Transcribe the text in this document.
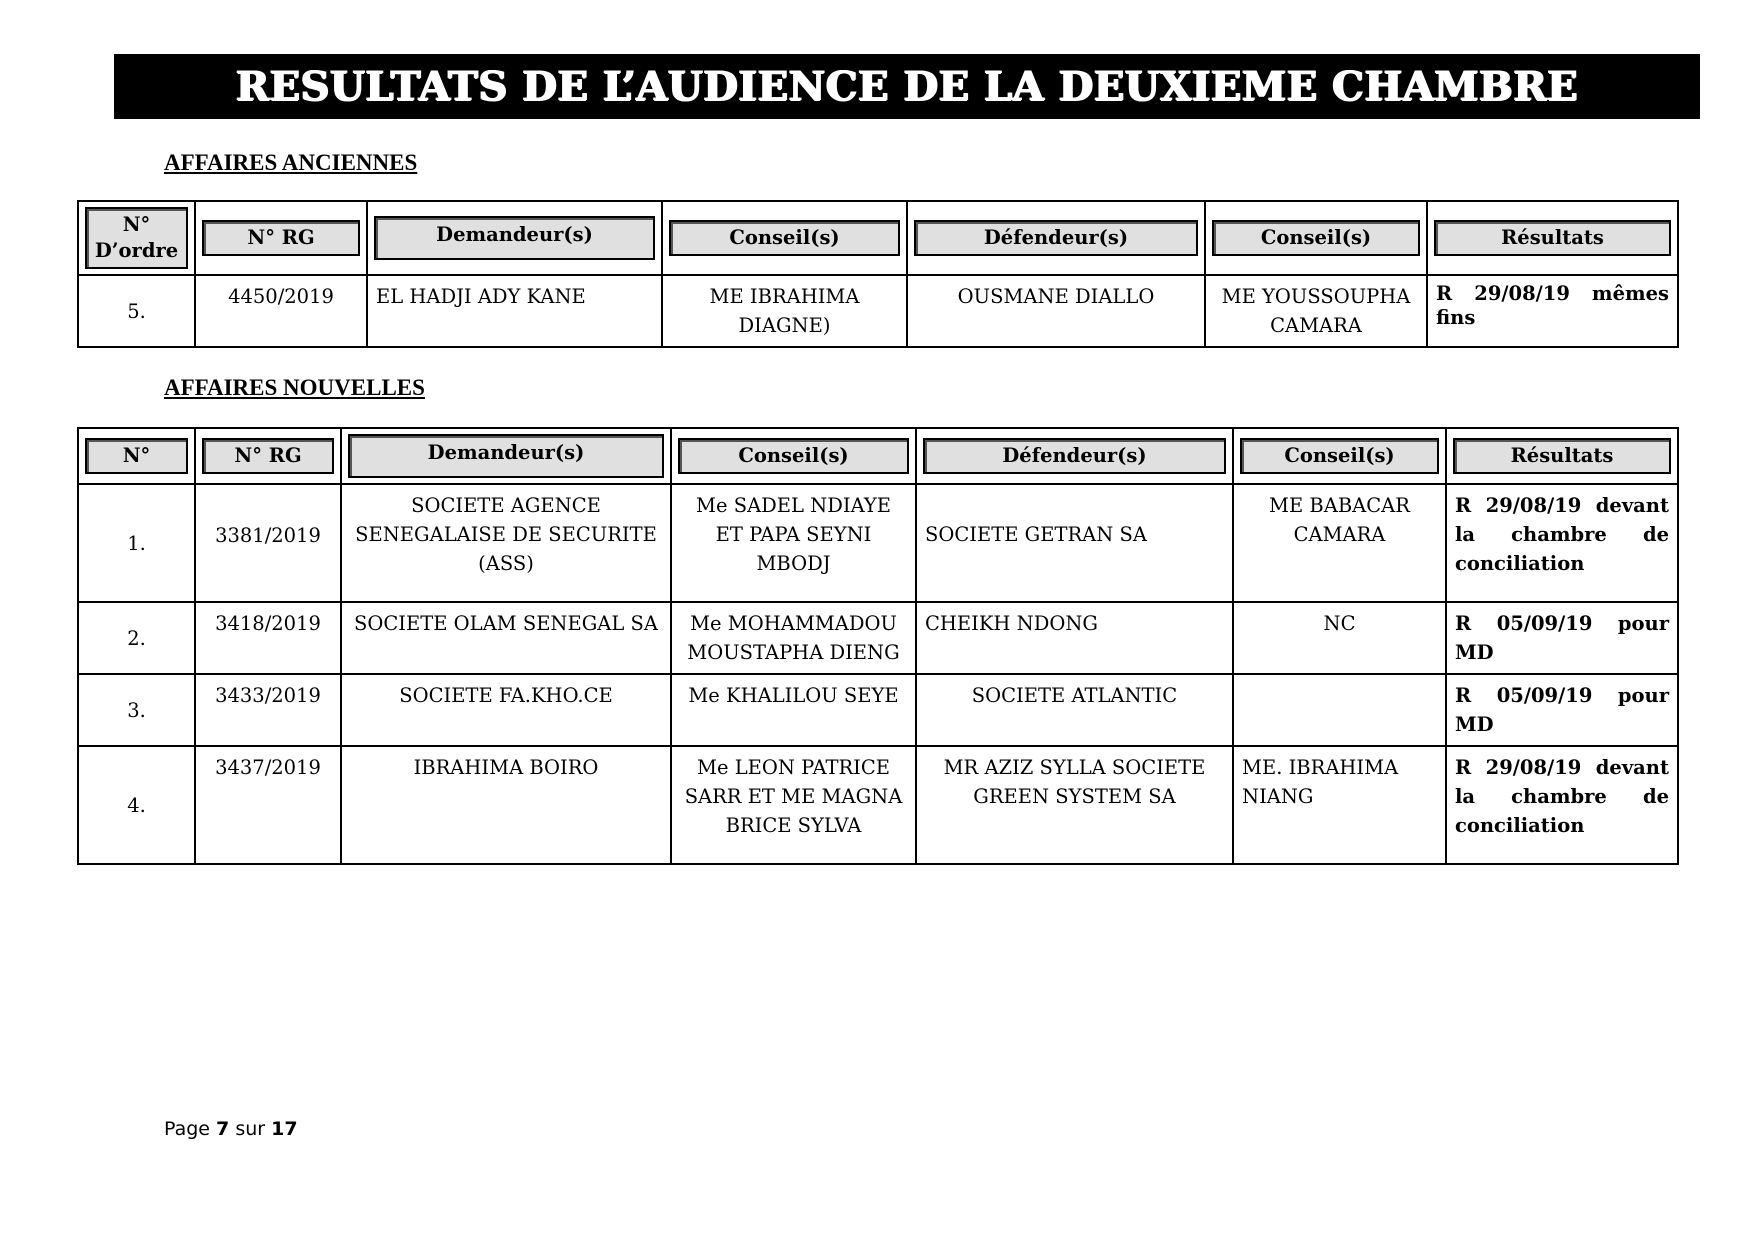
RESULTATS DE L’AUDIENCE DE LA DEUXIEME CHAMBRE
AFFAIRES ANCIENNES
N° D’ordre	N° RG	Demandeur(s)	Conseil(s)	Défendeur(s)	Conseil(s)	Résultats

5.	4450/2019	EL HADJI ADY KANE	ME IBRAHIMA DIAGNE)	OUSMANE DIALLO	ME YOUSSOUPHA CAMARA	R 29/08/19 mêmes fins
AFFAIRES NOUVELLES
N°	N° RG	Demandeur(s)	Conseil(s)	Défendeur(s)	Conseil(s)	Résultats

1.	3381/2019	SOCIETE AGENCE SENEGALAISE DE SECURITE (ASS)	Me SADEL NDIAYE ET PAPA SEYNI MBODJ	SOCIETE GETRAN SA	ME BABACAR CAMARA	R 29/08/19 devant la chambre de conciliation
2.	3418/2019	SOCIETE OLAM SENEGAL SA	Me MOHAMMADOU MOUSTAPHA DIENG	CHEIKH NDONG	NC	R 05/09/19 pour MD
3.	3433/2019	SOCIETE FA.KHO.CE	Me KHALILOU SEYE	SOCIETE ATLANTIC		R 05/09/19 pour MD
4.	3437/2019	IBRAHIMA BOIRO	Me LEON PATRICE SARR ET ME MAGNA BRICE SYLVA	MR AZIZ SYLLA SOCIETE GREEN SYSTEM SA	ME. IBRAHIMA NIANG	R 29/08/19 devant la chambre de conciliation
Page 7 sur 17
